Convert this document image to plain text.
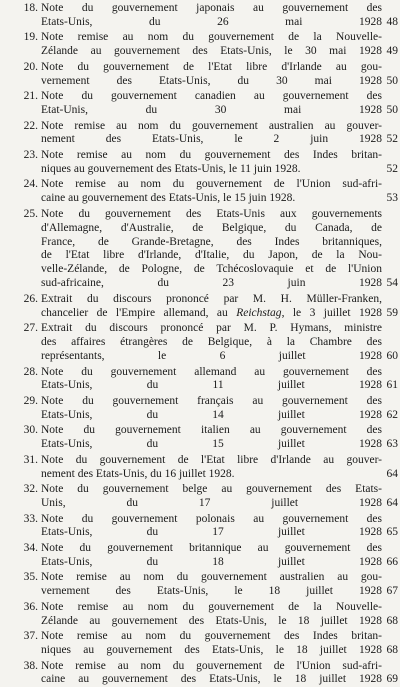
18. Note du gouvernement japonais au gouvernement des
Etats-Unis, du 26 mai 1928 48
19. Note remise au nom du gouvernement de la Nouvelle-
Zélande au gouvernement des Etats-Unis, le 30 mai 1928 49
20. Note du gouvernement de l'Etat libre d'Irlande au gou-
vernement des Etats-Unis, du 30 mai 1928 50
21. Note du gouvernement canadien au gouvernement des
Etat-Unis, du 30 mai 1928 50
22. Note remise au nom du gouvernement australien au gouver-
nement des Etats-Unis, le 2 juin 1928 52
23. Note remise au nom du gouvernement des Indes britan-
niques au gouvernement des Etats-Unis, le 11 juin 1928.	52
24. Note remise au nom du gouvernement de l'Union sud-afri-
caine au gouvernement des Etats-Unis, le 15 juin 1928.	53
25. Note du gouvernement des Etats-Unis aux gouvernements
d'Allemagne, d'Australie, de Belgique, du Canada, de
France, de Grande-Bretagne, des Indes britanniques,
de l'Etat libre d'Irlande, d'Italie, du Japon, de la Nou-
velle-Zélande, de Pologne, de Tchécoslovaquie et de l'Union
sud-africaine, du 23 juin 1928 54
26. Extrait du discours prononcé par M. H. Müller-Franken,
chancelier de l'Empire allemand, au Reichstag, le 3 juillet 1928 59
27. Extrait du discours prononcé par M. P. Hymans, ministre
des affaires étrangères de Belgique, à la Chambre des
représentants, le 6 juillet 1928 60
28. Note du gouvernement allemand au gouvernement des
Etats-Unis, du 11 juillet 1928 61
29. Note du gouvernement français au gouvernement des
Etats-Unis, du 14 juillet 1928 62
30. Note du gouvernement italien au gouvernement des
Etats-Unis, du 15 juillet 1928 63
31. Note du gouvernement de l'Etat libre d'Irlande au gouver-
nement des Etats-Unis, du 16 juillet 1928.	64
32. Note du gouvernement belge au gouvernement des Etats-
Unis, du 17 juillet 1928 64
33. Note du gouvernement polonais au gouvernement des
Etats-Unis, du 17 juillet 1928 65
34. Note du gouvernement britannique au gouvernement des
Etats-Unis, du 18 juillet 1928 66
35. Note remise au nom du gouvernement australien au gou-
vernement des Etats-Unis, le 18 juillet 1928 67
36. Note remise au nom du gouvernement de la Nouvelle-
Zélande au gouvernement des Etats-Unis, le 18 juillet 1928 68
37. Note remise au nom du gouvernement des Indes britan-
niques au gouvernement des Etats-Unis, le 18 juillet 1928 68
38. Note remise au nom du gouvernement de l'Union sud-afri-
caine au gouvernement des Etats-Unis, le 18 juillet 1928 69
